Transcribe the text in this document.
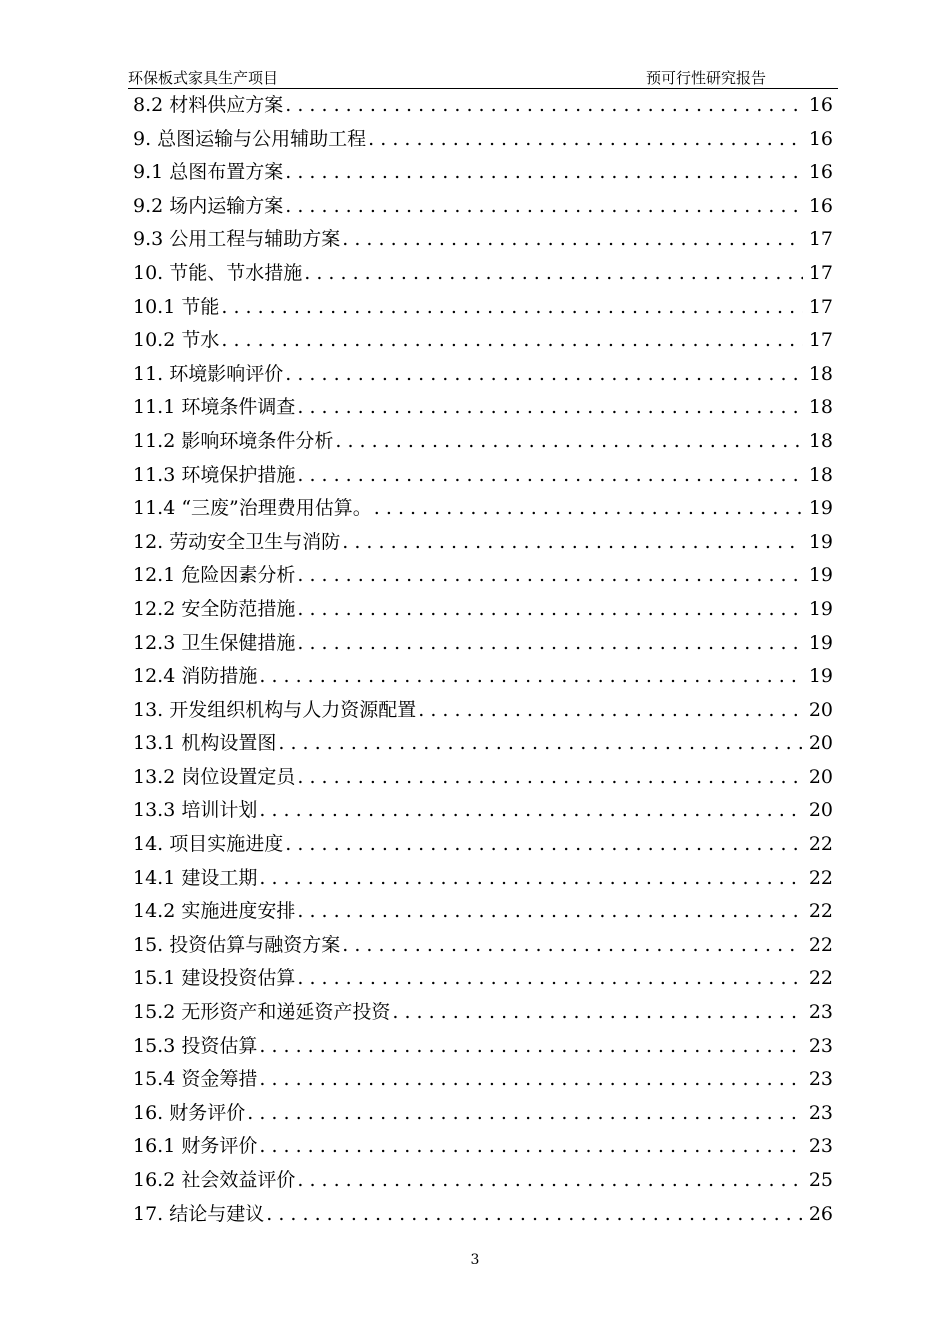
环保板式家具生产项目	预可行性研究报告
8.2 材料供应方案 . . .	16
9. 总图运输与公用辅助工程 . . .	16
9.1 总图布置方案 . . .	16
9.2 场内运输方案 . . .	16
9.3 公用工程与辅助方案 . . .	17
10. 节能、节水措施 . . .	17
10.1 节能 . . .	17
10.2 节水 . . .	17
11. 环境影响评价 . . .	18
11.1 环境条件调查 . . .	18
11.2 影响环境条件分析 . . .	18
11.3 环境保护措施 . . .	18
11.4 “三废”治理费用估算。 . . .	19
12. 劳动安全卫生与消防 . . .	19
12.1 危险因素分析 . . .	19
12.2 安全防范措施 . . .	19
12.3 卫生保健措施 . . .	19
12.4 消防措施 . . .	19
13. 开发组织机构与人力资源配置 . . .	20
13.1 机构设置图 . . .	20
13.2 岗位设置定员 . . .	20
13.3 培训计划 . . .	20
14. 项目实施进度 . . .	22
14.1 建设工期 . . .	22
14.2 实施进度安排 . . .	22
15. 投资估算与融资方案 . . .	22
15.1 建设投资估算 . . .	22
15.2 无形资产和递延资产投资 . . .	23
15.3 投资估算 . . .	23
15.4 资金筹措 . . .	23
16. 财务评价 . . .	23
16.1 财务评价 . . .	23
16.2 社会效益评价 . . .	25
17. 结论与建议 . . .	26
3
